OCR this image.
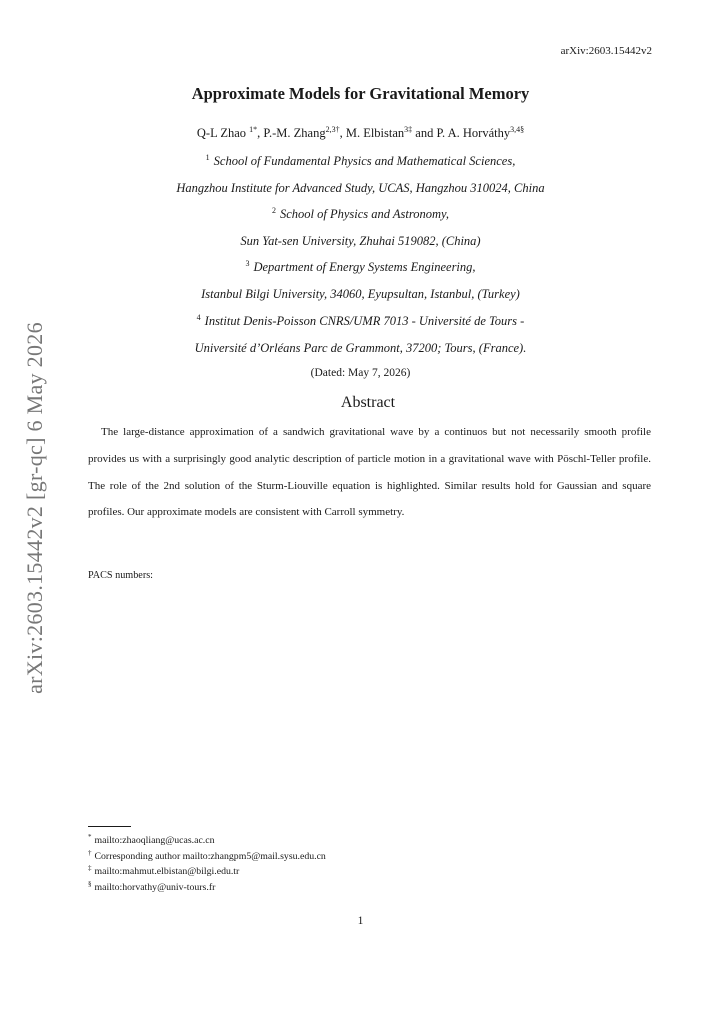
arXiv:2603.15442v2
arXiv:2603.15442v2 [gr-qc] 6 May 2026
Approximate Models for Gravitational Memory
Q-L Zhao $^{1*}$, P.-M. Zhang$^{2,3\dagger}$, M. Elbistan$^{3\ddagger}$ and P. A. Horváthy$^{3,4\S}$
$^1$ School of Fundamental Physics and Mathematical Sciences,
Hangzhou Institute for Advanced Study, UCAS, Hangzhou 310024, China
$^2$ School of Physics and Astronomy,
Sun Yat-sen University, Zhuhai 519082, (China)
$^3$ Department of Energy Systems Engineering,
Istanbul Bilgi University, 34060, Eyupsultan, Istanbul, (Turkey)
$^4$ Institut Denis-Poisson CNRS/UMR 7013 - Université de Tours -
Université d’Orléans Parc de Grammont, 37200; Tours, (France).
(Dated: May 7, 2026)
Abstract

The large-distance approximation of a sandwich gravitational wave by a continuos but not necessarily smooth profile provides us with a surprisingly good analytic description of particle motion in a gravitational wave with Pöschl-Teller profile. The role of the 2nd solution of the Sturm-Liouville equation is highlighted. Similar results hold for Gaussian and square profiles. Our approximate models are consistent with Carroll symmetry.

PACS numbers:
* mailto:zhaoqliang@ucas.ac.cn
† Corresponding author mailto:zhangpm5@mail.sysu.edu.cn
‡ mailto:mahmut.elbistan@bilgi.edu.tr
§ mailto:horvathy@univ-tours.fr
1
